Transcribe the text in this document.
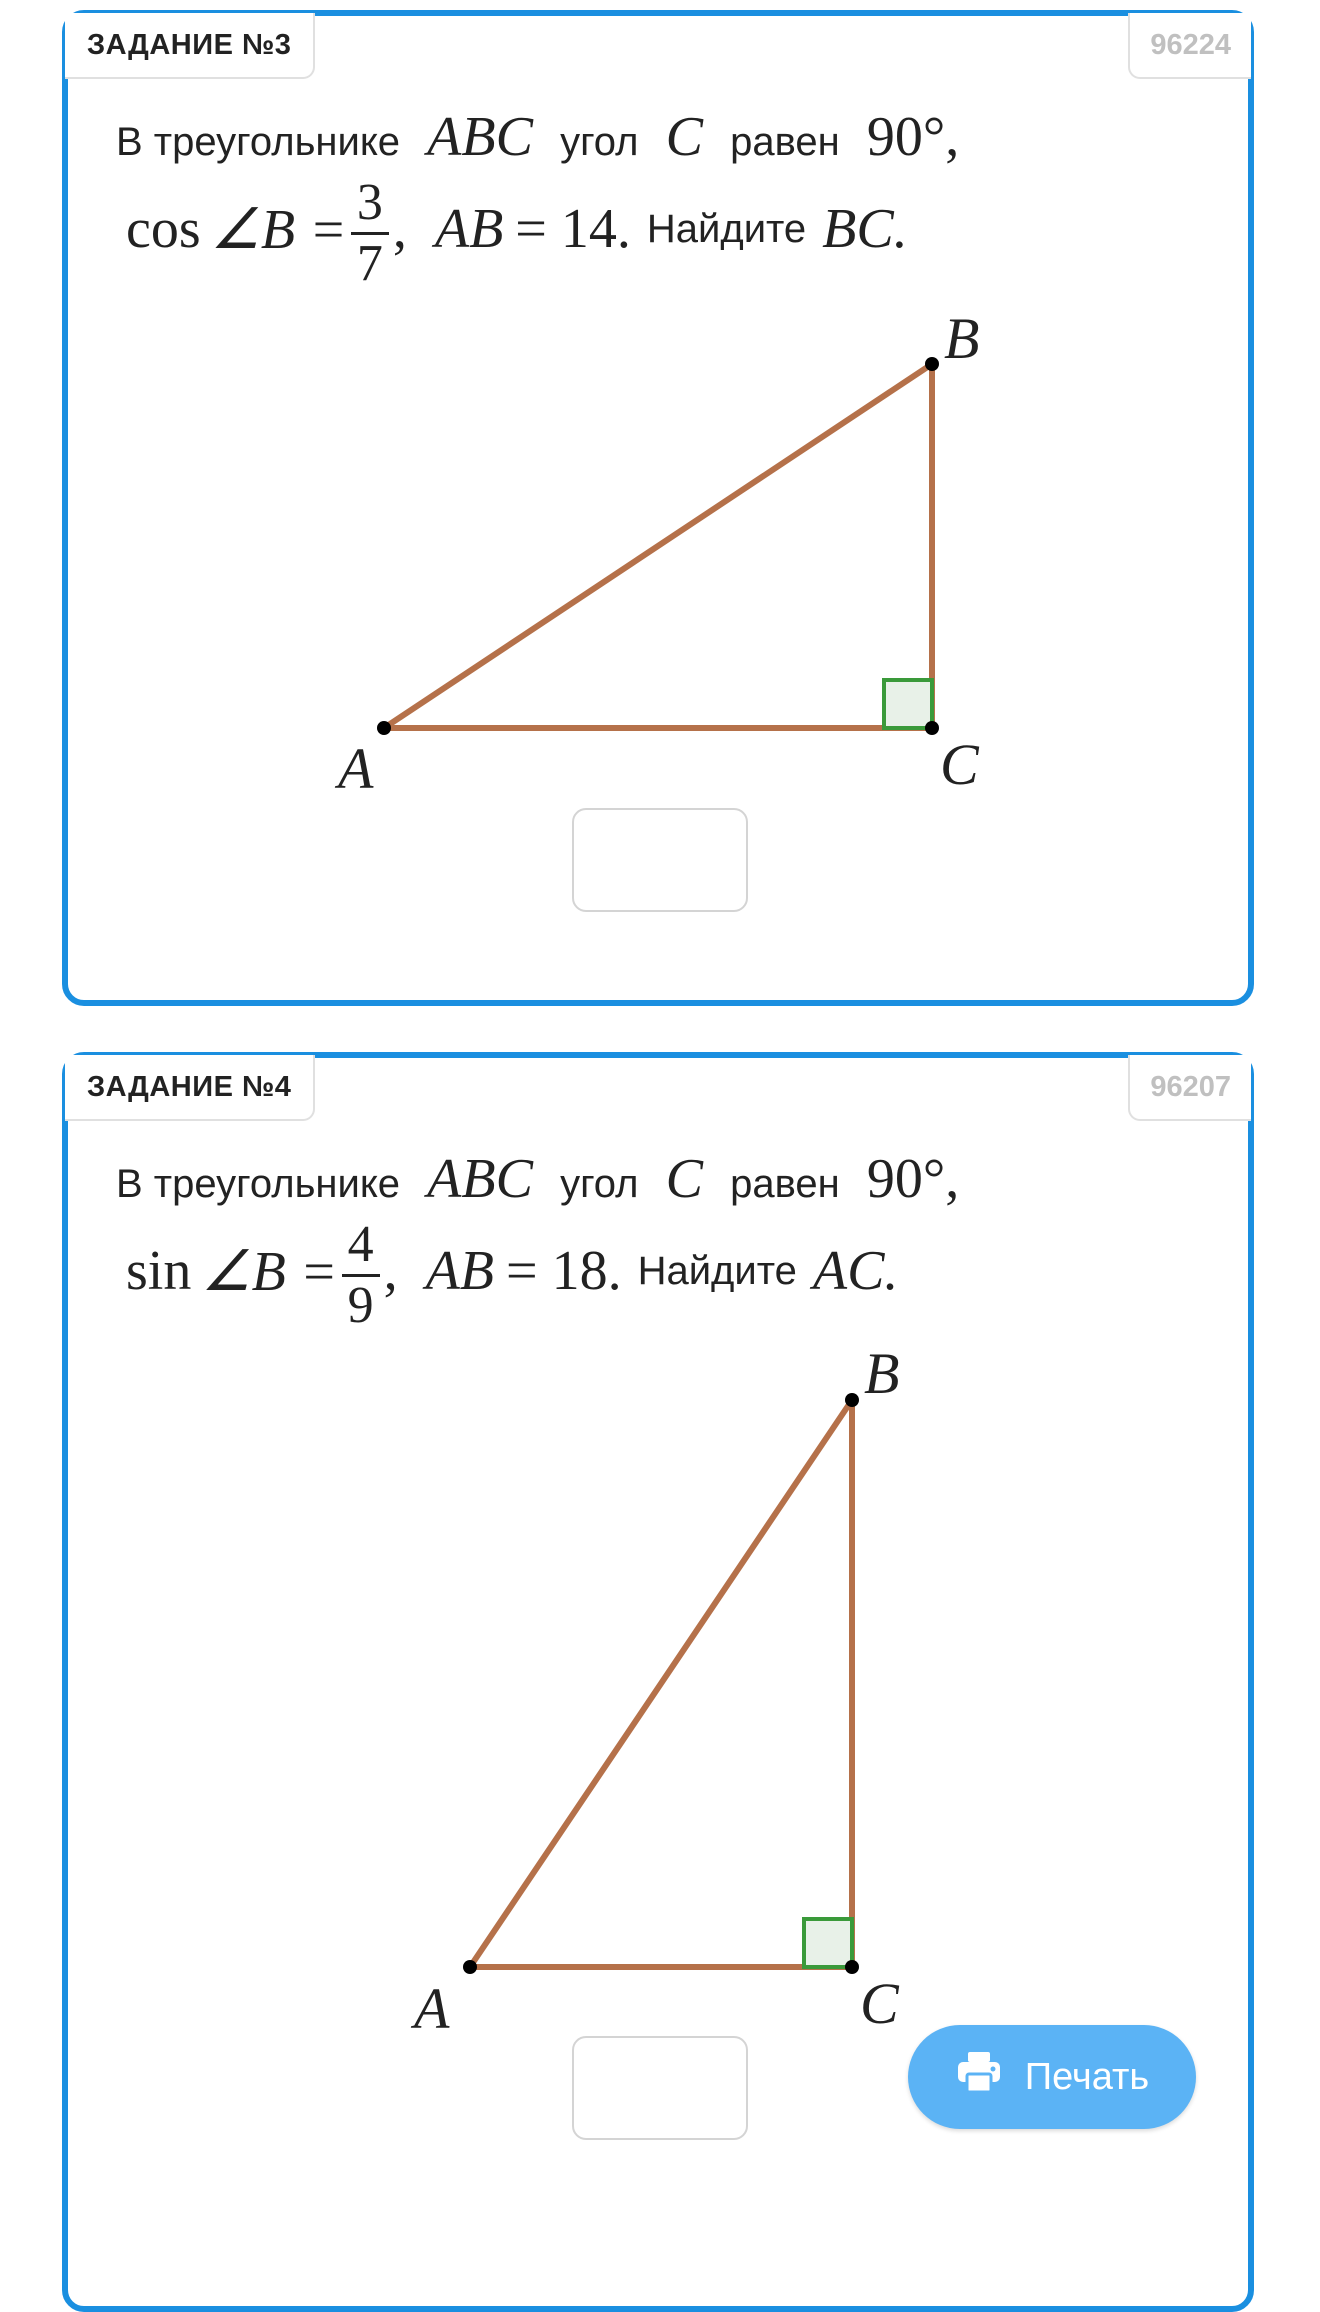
ЗАДАНИЕ №3	96224
В треугольнике ABC угол C равен 90°,
cos ∠B = $\frac{3}{7}$ , AB = 14. Найдите BC.
A	C
B
ЗАДАНИЕ №4	96207
В треугольнике ABC угол C равен 90°,
sin ∠B = $\frac{4}{9}$ , AB = 18. Найдите AC.
A	C
B
Печать
